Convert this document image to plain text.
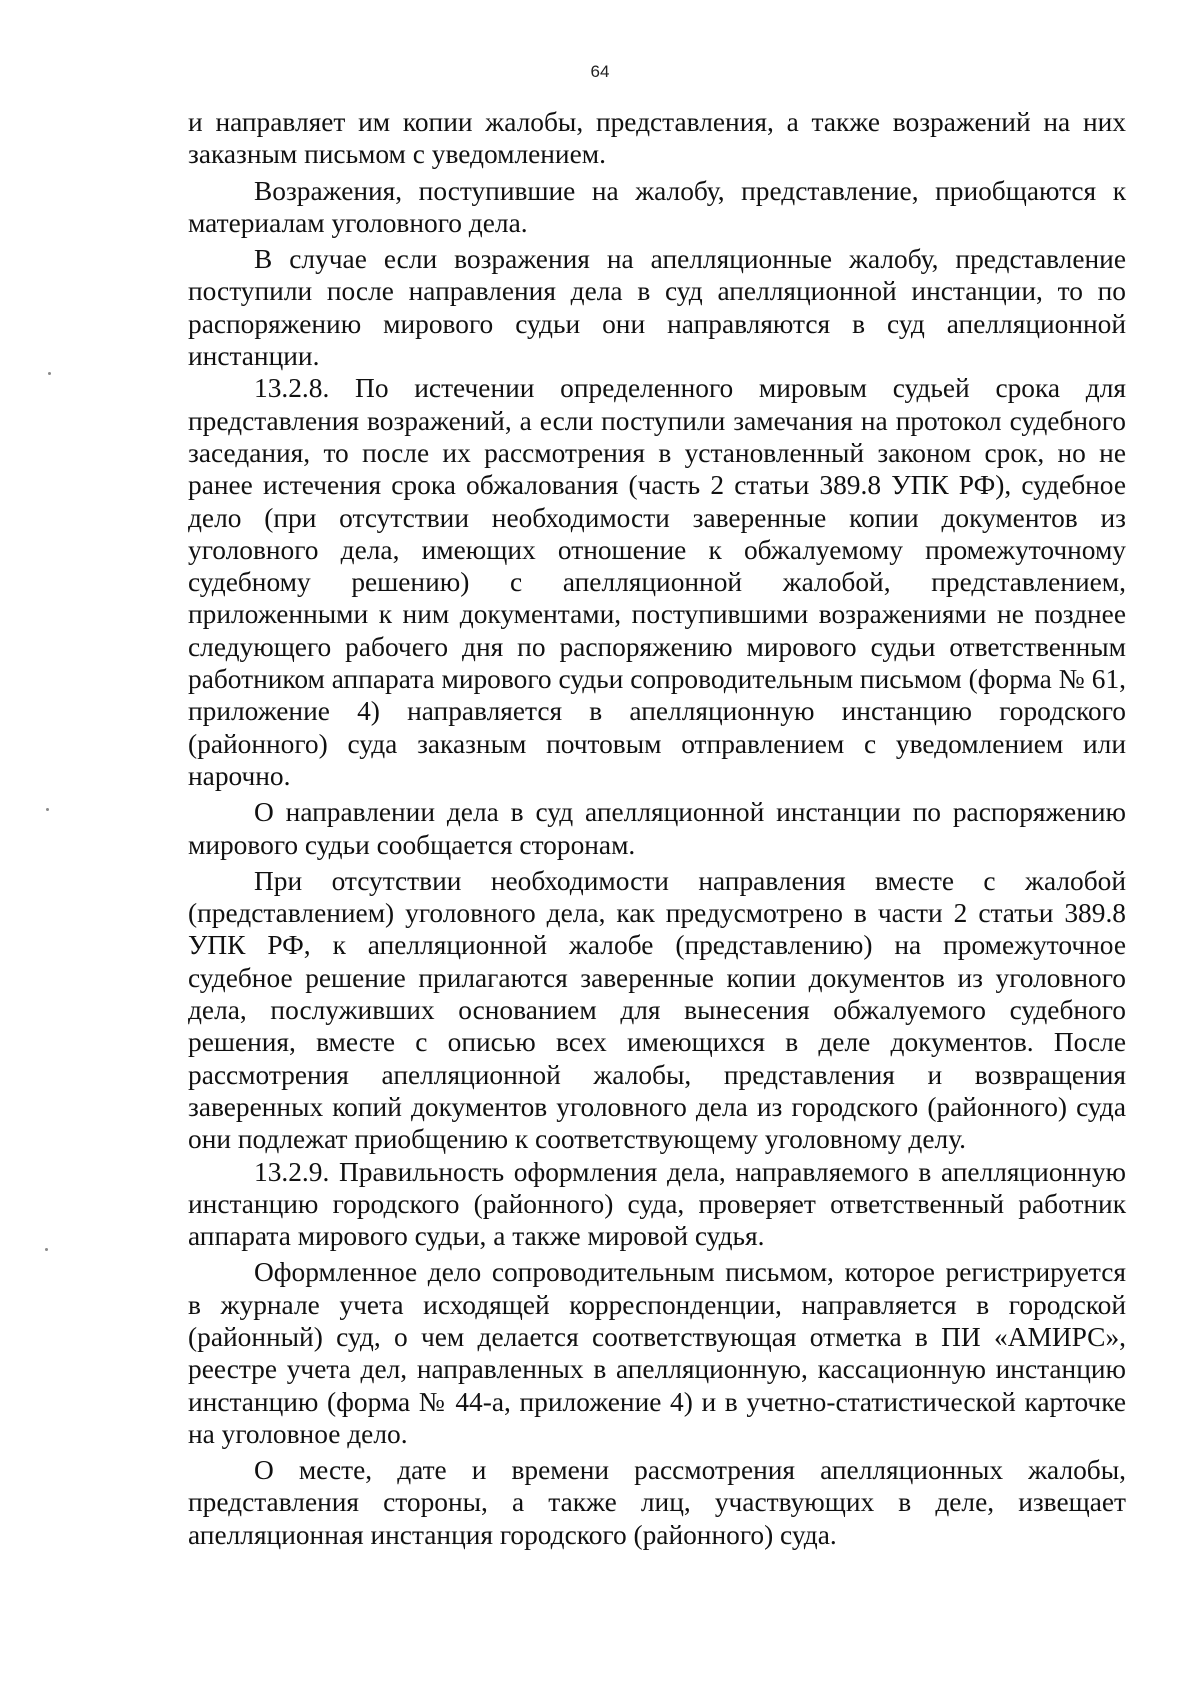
64

и направляет им копии жалобы, представления, а также возражений на них заказным письмом с уведомлением.

Возражения, поступившие на жалобу, представление, приобщаются к материалам уголовного дела.

В случае если возражения на апелляционные жалобу, представление поступили после направления дела в суд апелляционной инстанции, то по распоряжению мирового судьи они направляются в суд апелляционной инстанции.

13.2.8. По истечении определенного мировым судьей срока для представления возражений, а если поступили замечания на протокол судебного заседания, то после их рассмотрения в установленный законом срок, но не ранее истечения срока обжалования (часть 2 статьи 389.8 УПК РФ), судебное дело (при отсутствии необходимости заверенные копии документов из уголовного дела, имеющих отношение к обжалуемому промежуточному судебному решению) с апелляционной жалобой, представлением, приложенными к ним документами, поступившими возражениями не позднее следующего рабочего дня по распоряжению мирового судьи ответственным работником аппарата мирового судьи сопроводительным письмом (форма № 61, приложение 4) направляется в апелляционную инстанцию городского (районного) суда заказным почтовым отправлением с уведомлением или нарочно.

О направлении дела в суд апелляционной инстанции по распоряжению мирового судьи сообщается сторонам.

При отсутствии необходимости направления вместе с жалобой (представлением) уголовного дела, как предусмотрено в части 2 статьи 389.8 УПК РФ, к апелляционной жалобе (представлению) на промежуточное судебное решение прилагаются заверенные копии документов из уголовного дела, послуживших основанием для вынесения обжалуемого судебного решения, вместе с описью всех имеющихся в деле документов. После рассмотрения апелляционной жалобы, представления и возвращения заверенных копий документов уголовного дела из городского (районного) суда они подлежат приобщению к соответствующему уголовному делу.

13.2.9. Правильность оформления дела, направляемого в апелляционную инстанцию городского (районного) суда, проверяет ответственный работник аппарата мирового судьи, а также мировой судья.

Оформленное дело сопроводительным письмом, которое регистрируется в журнале учета исходящей корреспонденции, направляется в городской (районный) суд, о чем делается соответствующая отметка в ПИ «АМИРС», реестре учета дел, направленных в апелляционную, кассационную инстанцию инстанцию (форма № 44-а, приложение 4) и в учетно-статистической карточке на уголовное дело.

О месте, дате и времени рассмотрения апелляционных жалобы, представления стороны, а также лиц, участвующих в деле, извещает апелляционная инстанция городского (районного) суда.
